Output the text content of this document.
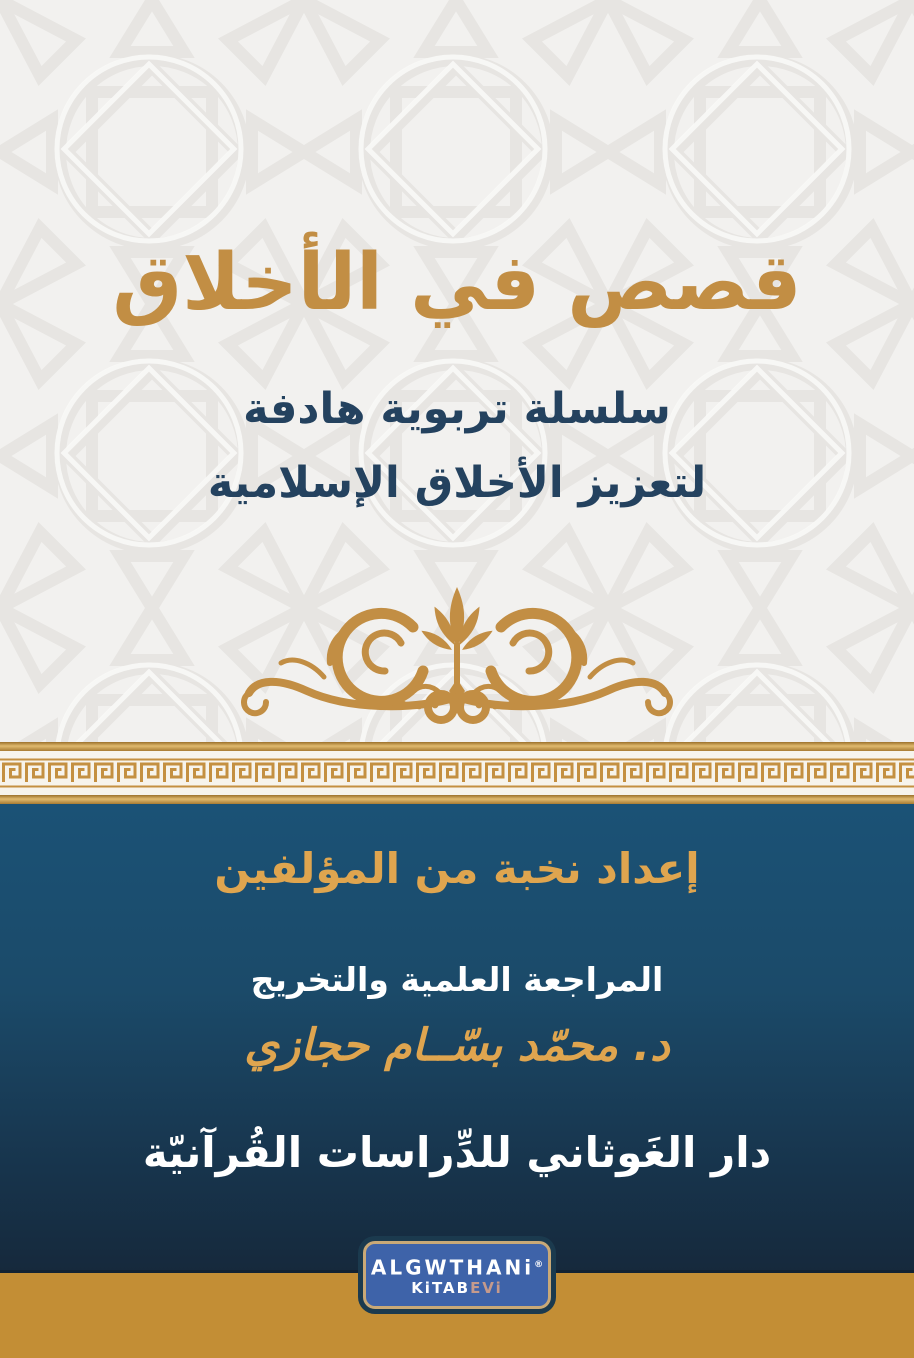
قصص في الأخلاق
سلسلة تربوية هادفة
لتعزيز الأخلاق الإسلامية
إعداد نخبة من المؤلفين
المراجعة العلمية والتخريج
د. محمّد بسّــام حجازي
دار الغَوثاني للدِّراسات القُرآنيّة
ALGWTHANi®
KiTABEVi
